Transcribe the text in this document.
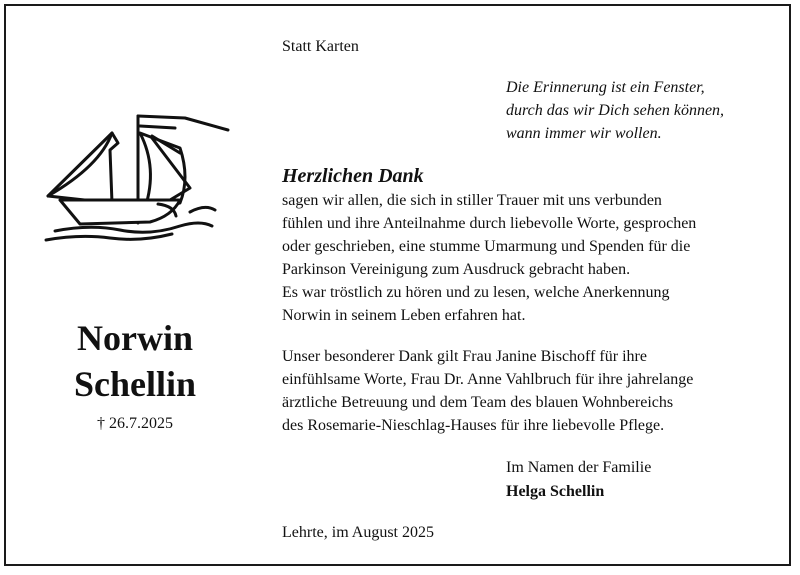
Norwin
Schellin
† 26.7.2025
Statt Karten
Die Erinnerung ist ein Fenster,
durch das wir Dich sehen können,
wann immer wir wollen.
Herzlichen Dank
sagen wir allen, die sich in stiller Trauer mit uns verbunden
fühlen und ihre Anteilnahme durch liebevolle Worte, gesprochen
oder geschrieben, eine stumme Umarmung und Spenden für die
Parkinson Vereinigung zum Ausdruck gebracht haben.
Es war tröstlich zu hören und zu lesen, welche Anerkennung
Norwin in seinem Leben erfahren hat.
Unser besonderer Dank gilt Frau Janine Bischoff für ihre
einfühlsame Worte, Frau Dr. Anne Vahlbruch für ihre jahrelange
ärztliche Betreuung und dem Team des blauen Wohnbereichs
des Rosemarie-Nieschlag-Hauses für ihre liebevolle Pflege.
Im Namen der Familie
Helga Schellin
Lehrte, im August 2025
